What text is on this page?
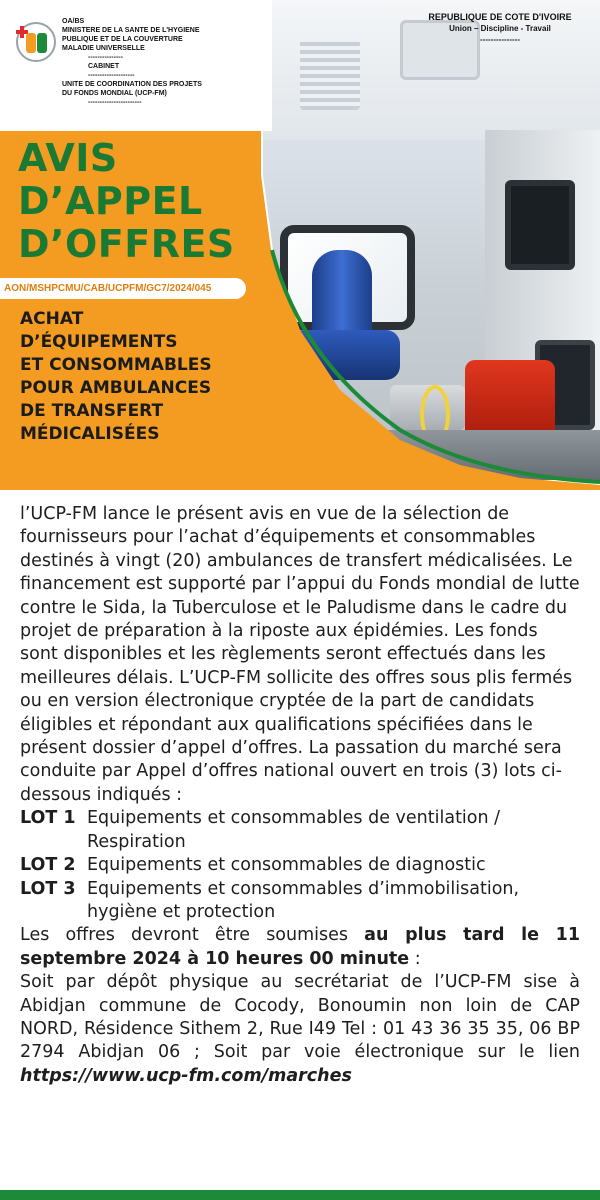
OA/BS
MINISTERE DE LA SANTE DE L'HYGIENE
PUBLIQUE ET DE LA COUVERTURE
MALADIE UNIVERSELLE
---------------
CABINET
--------------------
UNITE DE COORDINATION DES PROJETS
DU FONDS MONDIAL (UCP-FM)
-----------------------
REPUBLIQUE DE COTE D'IVOIRE
Union – Discipline - Travail
---------------
AVIS
D’APPEL
D’OFFRES
AON/MSHPCMU/CAB/UCPFM/GC7/2024/045
ACHAT
D’ÉQUIPEMENTS
ET CONSOMMABLES
POUR AMBULANCES
DE TRANSFERT
MÉDICALISÉES

l’UCP-FM lance le présent avis en vue de la sélection de fournisseurs pour l’achat d’équipements et consommables destinés à vingt (20) ambulances de transfert médicalisées. Le financement est supporté par l’appui du Fonds mondial de lutte contre le Sida, la Tuberculose et le Paludisme dans le cadre du projet de préparation à la riposte aux épidémies. Les fonds sont disponibles et les règlements seront effectués dans les meilleures délais. L’UCP-FM sollicite des offres sous plis fermés ou en version électronique cryptée de la part de candidats éligibles et répondant aux qualifications spécifiées dans le présent dossier d’appel d’offres. La passation du marché sera conduite par Appel d’offres national ouvert en trois (3) lots ci-dessous indiqués :

LOT 1 Equipements et consommables de ventilation / Respiration
LOT 2 Equipements et consommables de diagnostic
LOT 3 Equipements et consommables d’immobilisation, hygiène et protection

Les offres devront être soumises au plus tard le 11 septembre 2024 à 10 heures 00 minute :

Soit par dépôt physique au secrétariat de l’UCP-FM sise à Abidjan commune de Cocody, Bonoumin non loin de CAP NORD, Résidence Sithem 2, Rue I49 Tel : 01 43 36 35 35, 06 BP 2794 Abidjan 06 ; Soit par voie électronique sur le lien https://www.ucp-fm.com/marches
